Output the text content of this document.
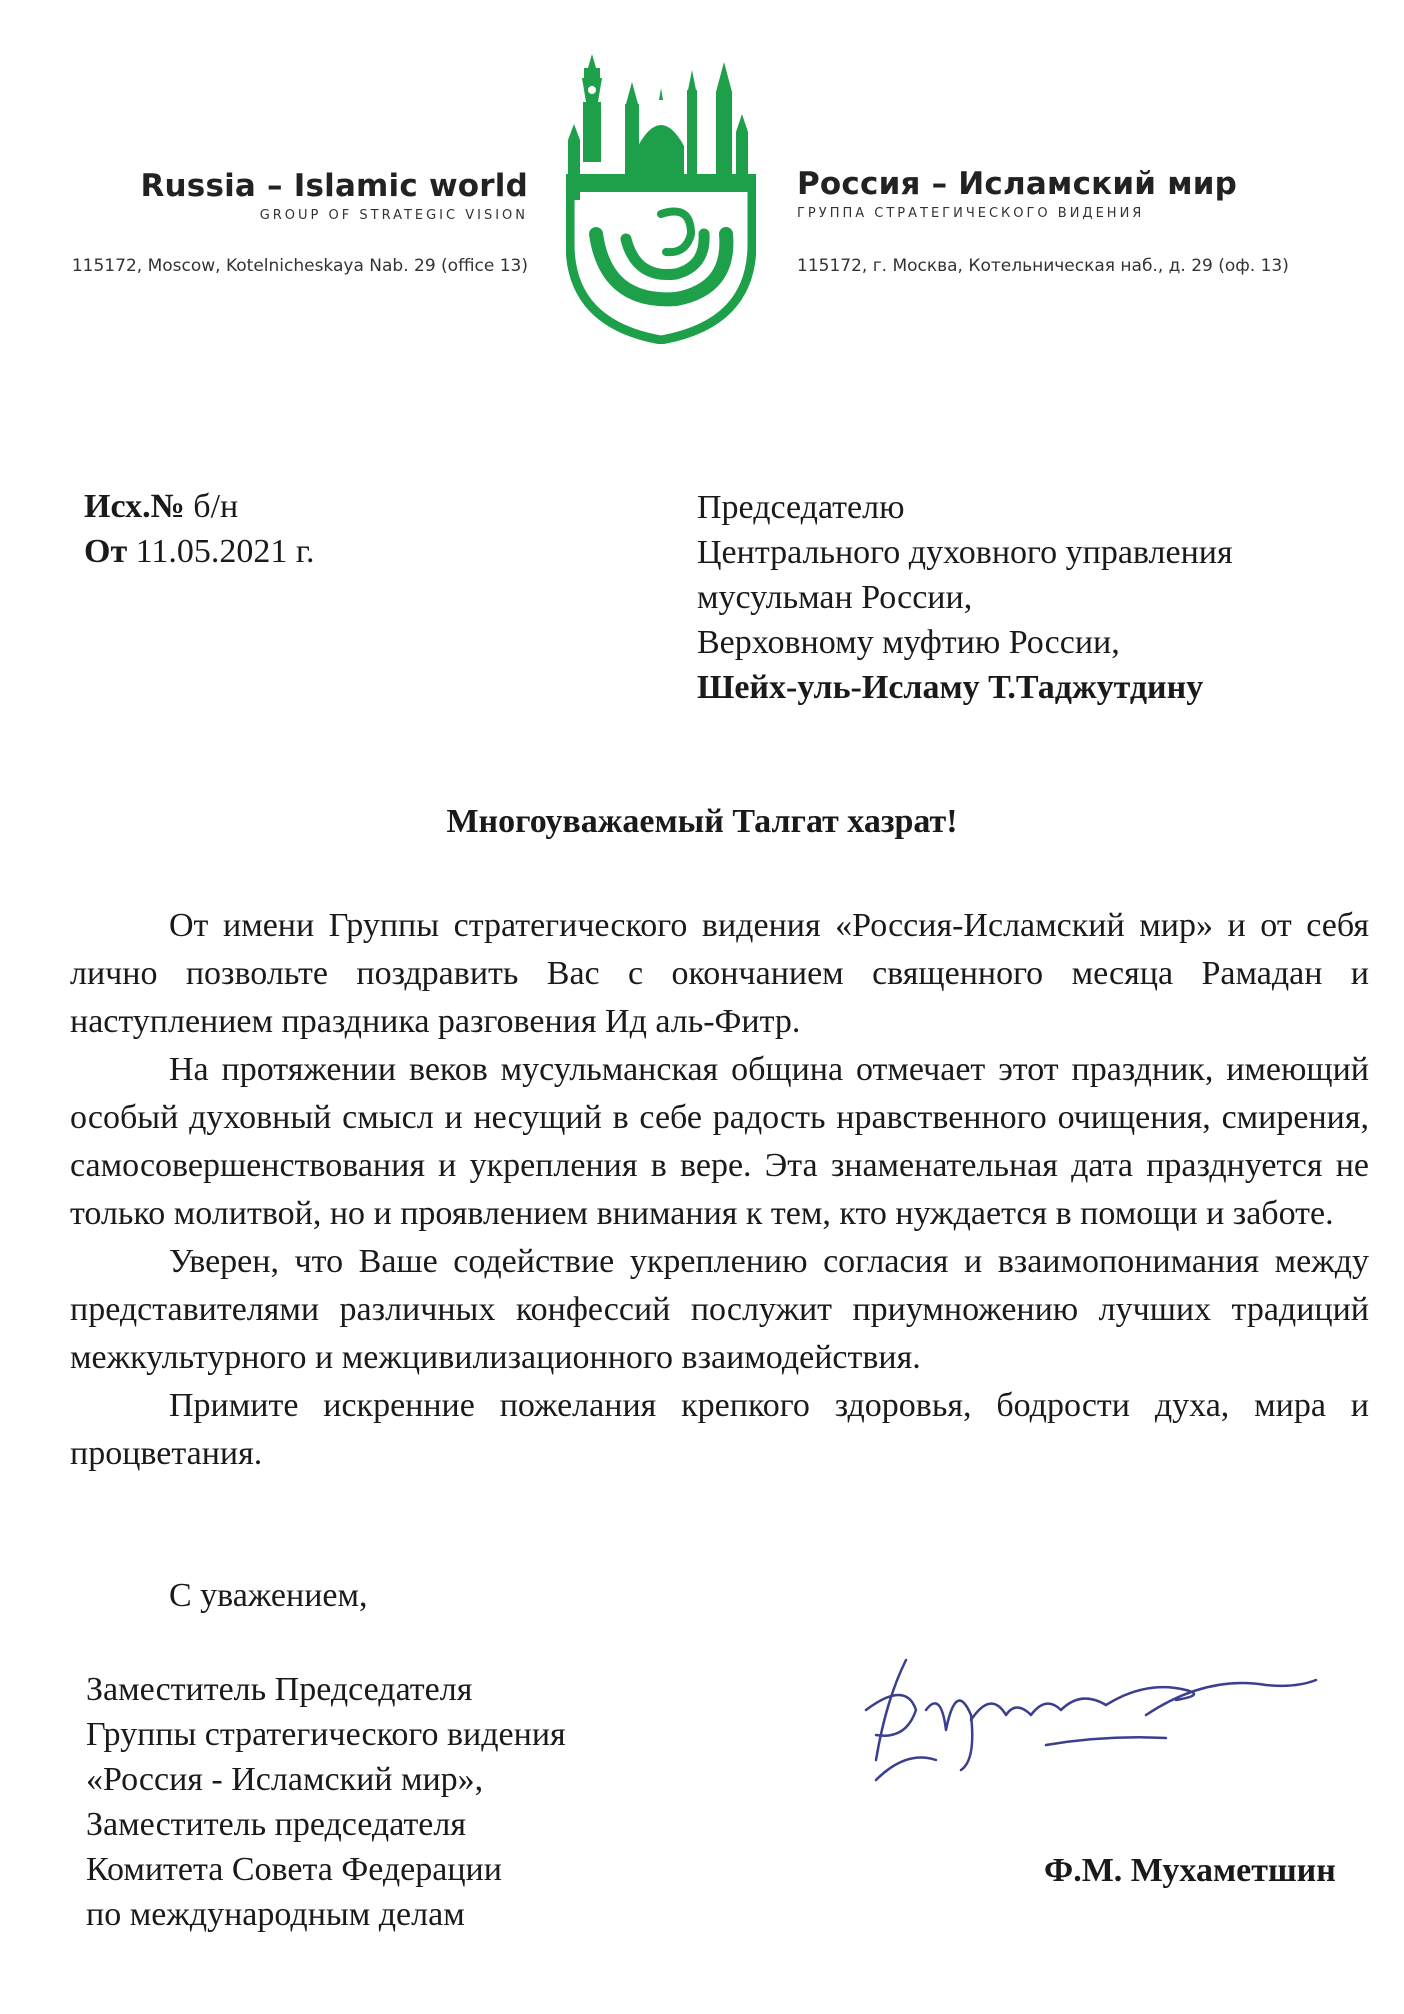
Russia – Islamic world
GROUP OF STRATEGIC VISION
115172, Moscow, Kotelnicheskaya Nab. 29 (office 13)
Россия – Исламский мир
ГРУППА СТРАТЕГИЧЕСКОГО ВИДЕНИЯ
115172, г. Москва, Котельническая наб., д. 29 (оф. 13)
Исх.№ б/н
От 11.05.2021 г.
Председателю
Центрального духовного управления
мусульман России,
Верховному муфтию России,
Шейх-уль-Исламу Т.Таджутдину
Многоуважаемый Талгат хазрат!

От имени Группы стратегического видения «Россия-Исламский мир» и от себя лично позвольте поздравить Вас с окончанием священного месяца Рамадан и наступлением праздника разговения Ид аль-Фитр.

На протяжении веков мусульманская община отмечает этот праздник, имеющий особый духовный смысл и несущий в себе радость нравственного очищения, смирения, самосовершенствования и укрепления в вере. Эта знаменательная дата празднуется не только молитвой, но и проявлением внимания к тем, кто нуждается в помощи и заботе.

Уверен, что Ваше содействие укреплению согласия и взаимопонимания между представителями различных конфессий послужит приумножению лучших традиций межкультурного и межцивилизационного взаимодействия.

Примите искренние пожелания крепкого здоровья, бодрости духа, мира и процветания.

С уважением,
Заместитель Председателя
Группы стратегического видения
«Россия - Исламский мир»,
Заместитель председателя
Комитета Совета Федерации
по международным делам
Ф.М. Мухаметшин
